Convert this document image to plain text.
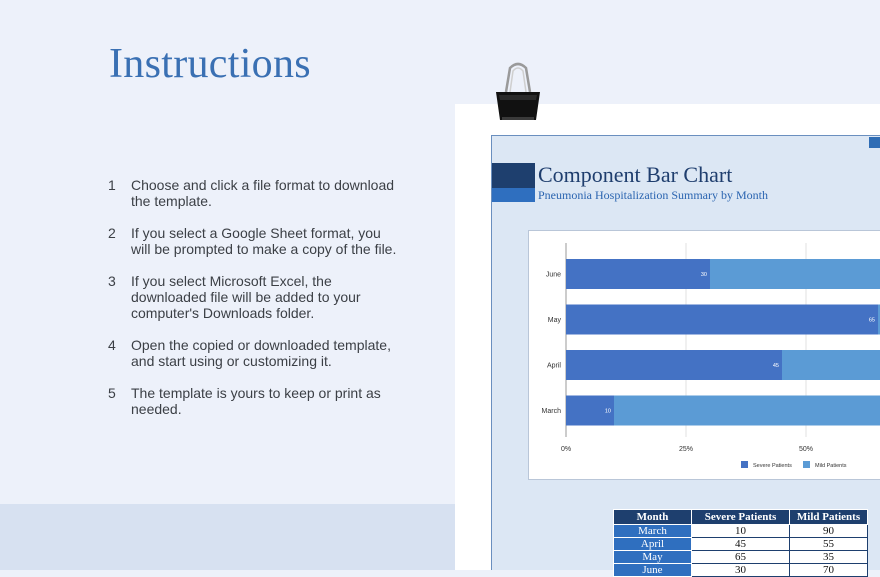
Instructions
1	Choose and click a file format to download the template.
2	If you select a Google Sheet format, you will be prompted to make a copy of the file.
3	If you select Microsoft Excel, the downloaded file will be added to your computer's Downloads folder.
4	Open the copied or downloaded template, and start using or customizing it.
5	The template is yours to keep or print as needed.
Component Bar Chart
Pneumonia Hospitalization Summary by Month
0%	25%	50%
June	30
May	65
April	45
March	10
Severe Patients	Mild Patients
Month	Severe Patients	Mild Patients
March	10	90
April	45	55
May	65	35
June	30	70
